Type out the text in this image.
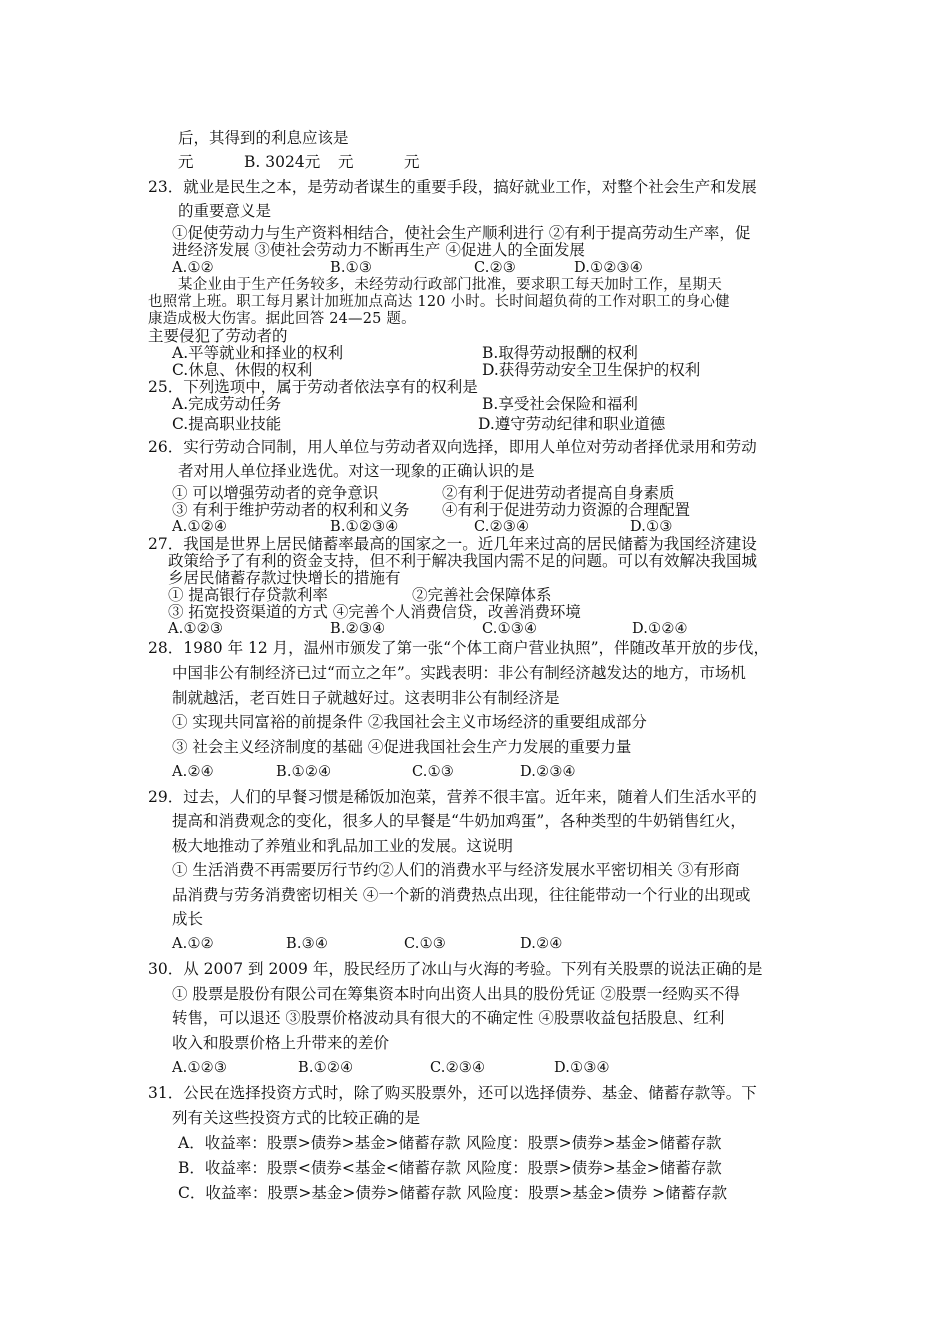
后，其得到的利息应该是
元	B. 3024元 元	元
23．就业是民生之本，是劳动者谋生的重要手段，搞好就业工作，对整个社会生产和发展
的重要意义是
①促使劳动力与生产资料相结合，使社会生产顺利进行 ②有利于提高劳动生产率，促
进经济发展 ③使社会劳动力不断再生产 ④促进人的全面发展
A.①②	B.①③	C.②③	D.①②③④
某企业由于生产任务较多，未经劳动行政部门批准，要求职工每天加时工作，星期天
也照常上班。职工每月累计加班加点高达 120 小时。长时间超负荷的工作对职工的身心健
康造成极大伤害。据此回答 24—25 题。
主要侵犯了劳动者的
A.平等就业和择业的权利	B.取得劳动报酬的权利
C.休息、休假的权利	D.获得劳动安全卫生保护的权利
25．下列选项中，属于劳动者依法享有的权利是
A.完成劳动任务	B.享受社会保险和福利
C.提高职业技能	D.遵守劳动纪律和职业道德
26．实行劳动合同制，用人单位与劳动者双向选择，即用人单位对劳动者择优录用和劳动
者对用人单位择业选优。对这一现象的正确认识的是
① 可以增强劳动者的竞争意识	②有利于促进劳动者提高自身素质
③ 有利于维护劳动者的权利和义务 ④有利于促进劳动力资源的合理配置
A.①②④	B.①②③④	C.②③④	D.①③
27．我国是世界上居民储蓄率最高的国家之一。近几年来过高的居民储蓄为我国经济建设
政策给予了有利的资金支持，但不利于解决我国内需不足的问题。可以有效解决我国城
乡居民储蓄存款过快增长的措施有
① 提高银行存贷款利率	②完善社会保障体系
③ 拓宽投资渠道的方式 ④完善个人消费信贷，改善消费环境
A.①②③	B.②③④	C.①③④	D.①②④
28．1980 年 12 月，温州市颁发了第一张“个体工商户营业执照”，伴随改革开放的步伐，
中国非公有制经济已过“而立之年”。实践表明：非公有制经济越发达的地方，市场机
制就越活，老百姓日子就越好过。这表明非公有制经济是
① 实现共同富裕的前提条件 ②我国社会主义市场经济的重要组成部分
③ 社会主义经济制度的基础 ④促进我国社会生产力发展的重要力量
A.②④	B.①②④	C.①③	D.②③④
29．过去，人们的早餐习惯是稀饭加泡菜，营养不很丰富。近年来，随着人们生活水平的
提高和消费观念的变化，很多人的早餐是“牛奶加鸡蛋”，各种类型的牛奶销售红火，
极大地推动了养殖业和乳品加工业的发展。这说明
① 生活消费不再需要厉行节约②人们的消费水平与经济发展水平密切相关 ③有形商
品消费与劳务消费密切相关 ④一个新的消费热点出现，往往能带动一个行业的出现或
成长
A.①②	B.③④	C.①③	D.②④
30．从 2007 到 2009 年，股民经历了冰山与火海的考验。下列有关股票的说法正确的是
① 股票是股份有限公司在筹集资本时向出资人出具的股份凭证 ②股票一经购买不得
转售，可以退还 ③股票价格波动具有很大的不确定性 ④股票收益包括股息、红利
收入和股票价格上升带来的差价
A.①②③	B.①②④	C.②③④	D.①③④
31．公民在选择投资方式时，除了购买股票外，还可以选择债券、基金、储蓄存款等。下
列有关这些投资方式的比较正确的是
A．收益率：股票>债券>基金>储蓄存款 风险度：股票>债券>基金>储蓄存款
B．收益率：股票<债券<基金<储蓄存款 风险度：股票>债券>基金>储蓄存款
C．收益率：股票>基金>债券>储蓄存款 风险度：股票>基金>债券 >储蓄存款
